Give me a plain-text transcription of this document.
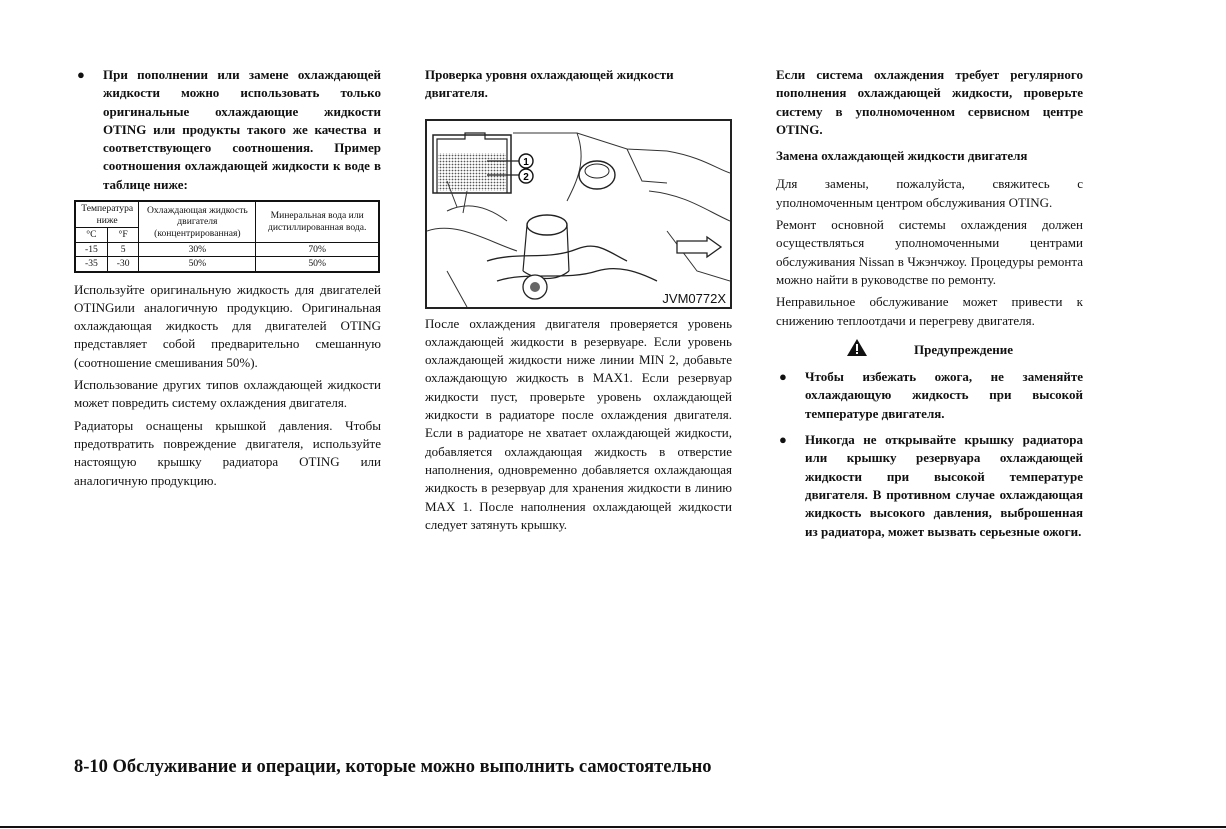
● При пополнении или замене охлаждающей жидкости можно использовать только оригинальные охлаждающие жидкости OTING или продукты такого же качества и соответствующего соотношения. Пример соотношения охлаждающей жидкости к воде в таблице ниже:
Температура ниже		Охлаждающая жидкость двигателя (концентрированная)	Минеральная вода или дистиллированная вода.
°C	°F		
-15	5	30%	70%
-35	-30	50%	50%

Используйте оригинальную жидкость для двигателей OTINGили аналогичную продукцию. Оригинальная охлаждающая жидкость для двигателей OTING представляет собой предварительно смешанную (соотношение смешивания 50%).

Использование других типов охлаждающей жидкости может повредить систему охлаждения двигателя.

Радиаторы оснащены крышкой давления. Чтобы предотвратить повреждение двигателя, используйте настоящую крышку радиатора OTING или аналогичную продукцию.

Проверка уровня охлаждающей жидкости двигателя.

1
2
JVM0772X

После охлаждения двигателя проверяется уровень охлаждающей жидкости в резервуаре. Если уровень охлаждающей жидкости ниже линии MIN 2, добавьте охлаждающую жидкость в MAX1. Если резервуар жидкости пуст, проверьте уровень охлаждающей жидкости в радиаторе после охлаждения двигателя. Если в радиаторе не хватает охлаждающей жидкости, добавляется охлаждающая жидкость в отверстие наполнения, одновременно добавляется охлаждающая жидкость в резервуар для хранения жидкости в линию MAX 1. После наполнения охлаждающей жидкости следует затянуть крышку.

Если система охлаждения требует регулярного пополнения охлаждающей жидкости, проверьте систему в уполномоченном сервисном центре OTING.

Замена охлаждающей жидкости двигателя

Для замены, пожалуйста, свяжитесь с уполномоченным центром обслуживания OTING.

Ремонт основной системы охлаждения должен осуществляться уполномоченными центрами обслуживания Nissan в Чжэнчжоу. Процедуры ремонта можно найти в руководстве по ремонту.

Неправильное обслуживание может привести к снижению теплоотдачи и перегреву двигателя.

Предупреждение
● Чтобы избежать ожога, не заменяйте охлаждающую жидкость при высокой температуре двигателя.
● Никогда не открывайте крышку радиатора или крышку резервуара охлаждающей жидкости при высокой температуре двигателя. В противном случае охлаждающая жидкость высокого давления, выброшенная из радиатора, может вызвать серьезные ожоги.
8-10 Обслуживание и операции, которые можно выполнить самостоятельно
